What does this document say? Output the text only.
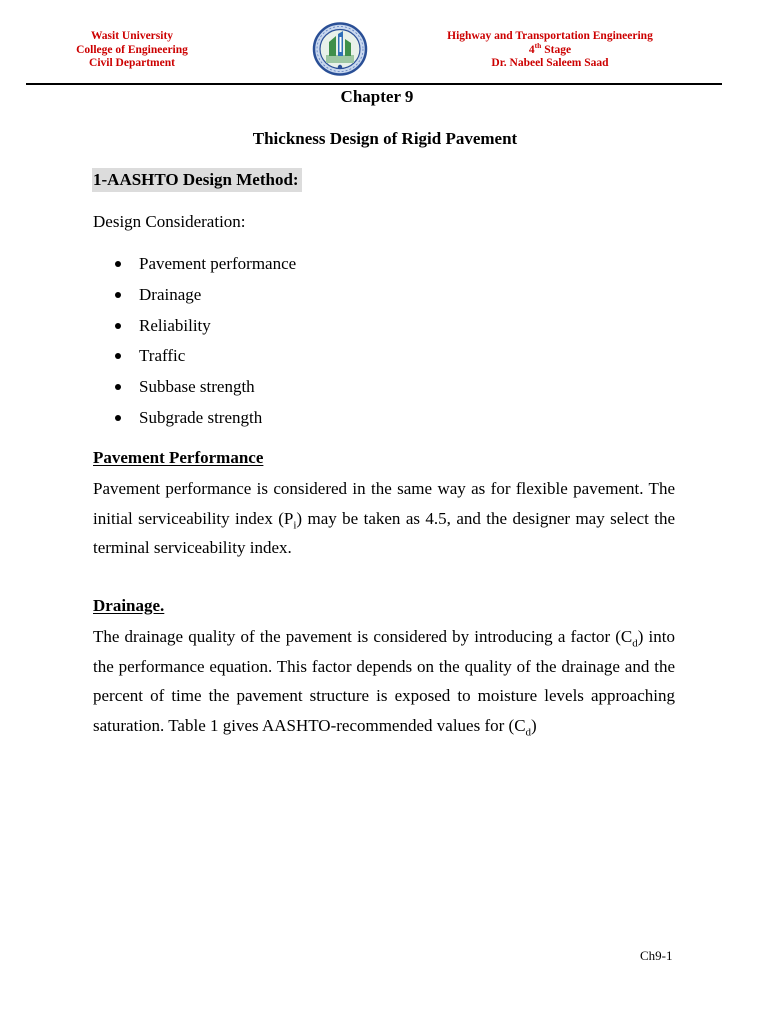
Wasit University
College of Engineering
Civil Department
Highway and Transportation Engineering
4th Stage
Dr. Nabeel Saleem Saad
Chapter 9
Thickness Design of Rigid Pavement
1-AASHTO Design Method:
Design Consideration:
Pavement performance
Drainage
Reliability
Traffic
Subbase strength
Subgrade strength
Pavement Performance

Pavement performance is considered in the same way as for flexible pavement. The initial serviceability index $(P_i)$ may be taken as 4.5, and the designer may select the terminal serviceability index.

Drainage.

The drainage quality of the pavement is considered by introducing a factor $(C_d)$ into the performance equation. This factor depends on the quality of the drainage and the percent of time the pavement structure is exposed to moisture levels approaching saturation. Table 1 gives AASHTO-recommended values for $(C_d)$

Ch9-1
